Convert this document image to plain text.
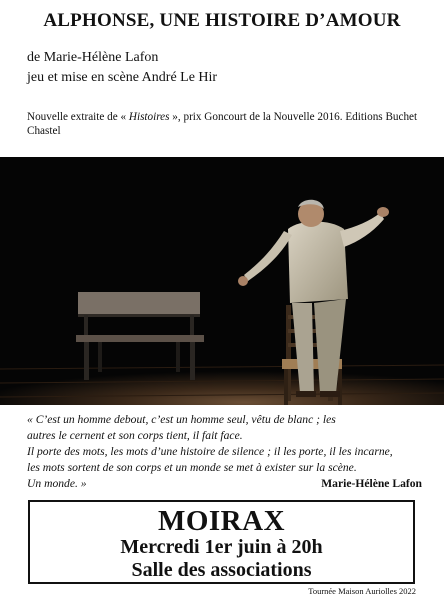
ALPHONSE, UNE HISTOIRE D’AMOUR
de Marie-Hélène Lafon
jeu et mise en scène André Le Hir
Nouvelle extraite de « Histoires », prix Goncourt de la Nouvelle 2016. Editions Buchet Chastel
« C’est un homme debout, c’est un homme seul, vêtu de blanc ; les
autres le cernent et son corps tient, il fait face.
Il porte des mots, les mots d’une histoire de silence ; il les porte, il les incarne,
les mots sortent de son corps et un monde se met à exister sur la scène.
Un monde. »	Marie-Hélène Lafon
MOIRAX
Mercredi 1er juin à 20h
Salle des associations
Tournée Maison Auriolles 2022
